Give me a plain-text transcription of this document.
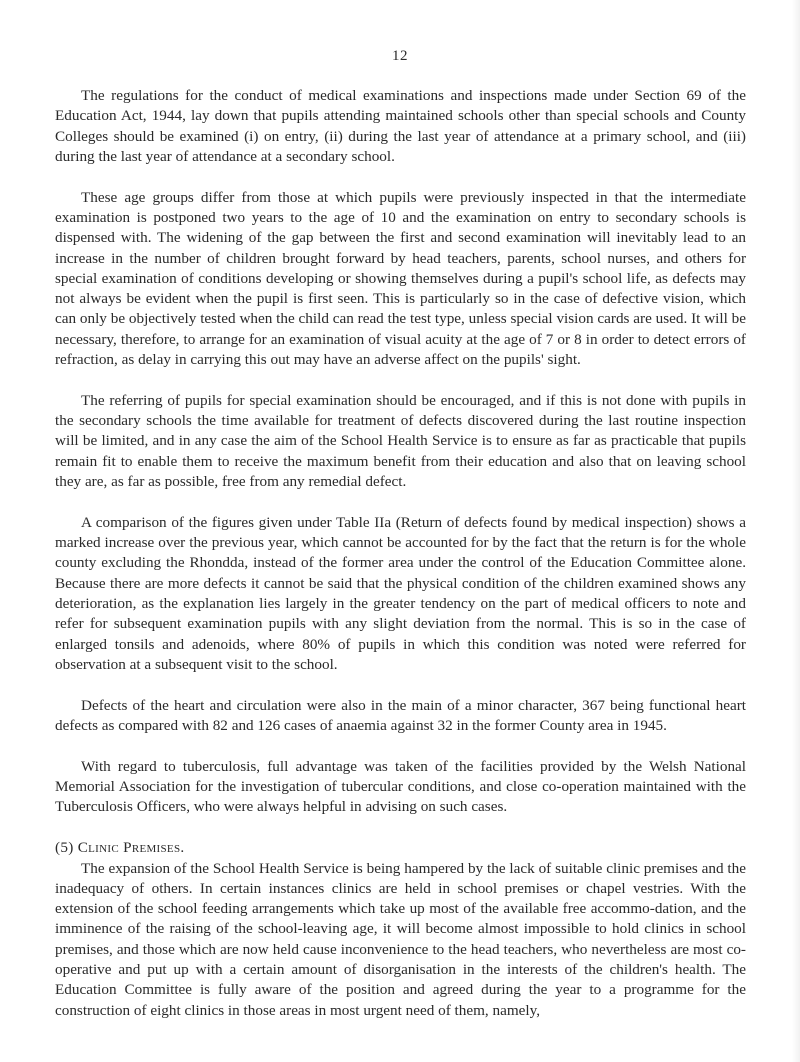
12

The regulations for the conduct of medical examinations and inspections made under Section 69 of the Education Act, 1944, lay down that pupils attending maintained schools other than special schools and County Colleges should be examined (i) on entry, (ii) during the last year of attendance at a primary school, and (iii) during the last year of attendance at a secondary school.

These age groups differ from those at which pupils were previously inspected in that the intermediate examination is postponed two years to the age of 10 and the examination on entry to secondary schools is dispensed with. The widening of the gap between the first and second examination will inevitably lead to an increase in the number of children brought forward by head teachers, parents, school nurses, and others for special examination of conditions developing or showing themselves during a pupil's school life, as defects may not always be evident when the pupil is first seen. This is particularly so in the case of defective vision, which can only be objectively tested when the child can read the test type, unless special vision cards are used. It will be necessary, therefore, to arrange for an examination of visual acuity at the age of 7 or 8 in order to detect errors of refraction, as delay in carrying this out may have an adverse affect on the pupils' sight.

The referring of pupils for special examination should be encouraged, and if this is not done with pupils in the secondary schools the time available for treatment of defects discovered during the last routine inspection will be limited, and in any case the aim of the School Health Service is to ensure as far as practicable that pupils remain fit to enable them to receive the maximum benefit from their education and also that on leaving school they are, as far as possible, free from any remedial defect.

A comparison of the figures given under Table IIa (Return of defects found by medical inspection) shows a marked increase over the previous year, which cannot be accounted for by the fact that the return is for the whole county excluding the Rhondda, instead of the former area under the control of the Education Committee alone. Because there are more defects it cannot be said that the physical condition of the children examined shows any deterioration, as the explanation lies largely in the greater tendency on the part of medical officers to note and refer for subsequent examination pupils with any slight deviation from the normal. This is so in the case of enlarged tonsils and adenoids, where 80% of pupils in which this condition was noted were referred for observation at a subsequent visit to the school.

Defects of the heart and circulation were also in the main of a minor character, 367 being functional heart defects as compared with 82 and 126 cases of anaemia against 32 in the former County area in 1945.

With regard to tuberculosis, full advantage was taken of the facilities provided by the Welsh National Memorial Association for the investigation of tubercular conditions, and close co-operation maintained with the Tuberculosis Officers, who were always helpful in advising on such cases.

(5) Clinic Premises.

The expansion of the School Health Service is being hampered by the lack of suitable clinic premises and the inadequacy of others. In certain instances clinics are held in school premises or chapel vestries. With the extension of the school feeding arrangements which take up most of the available free accommo-dation, and the imminence of the raising of the school-leaving age, it will become almost impossible to hold clinics in school premises, and those which are now held cause inconvenience to the head teachers, who nevertheless are most co-operative and put up with a certain amount of disorganisation in the interests of the children's health. The Education Committee is fully aware of the position and agreed during the year to a programme for the construction of eight clinics in those areas in most urgent need of them, namely,
